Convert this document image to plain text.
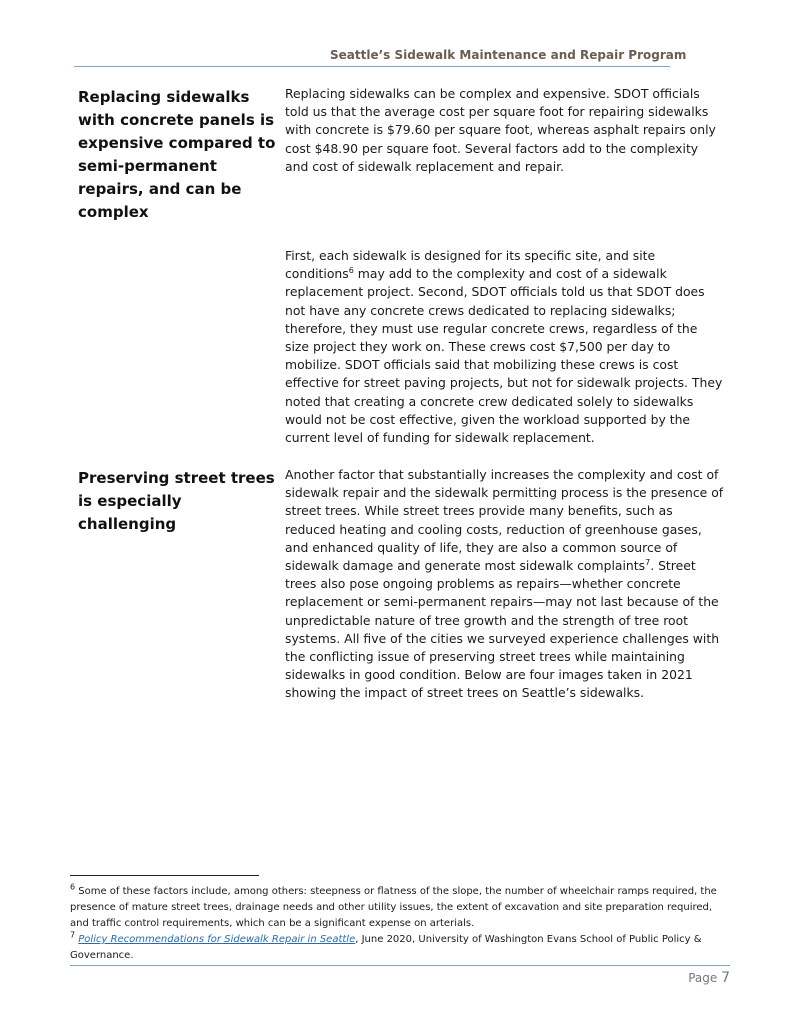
Seattle’s Sidewalk Maintenance and Repair Program
Replacing sidewalks with concrete panels is expensive compared to semi-permanent repairs, and can be complex
Replacing sidewalks can be complex and expensive. SDOT officials told us that the average cost per square foot for repairing sidewalks with concrete is $79.60 per square foot, whereas asphalt repairs only cost $48.90 per square foot. Several factors add to the complexity and cost of sidewalk replacement and repair.
First, each sidewalk is designed for its specific site, and site conditions$^6$ may add to the complexity and cost of a sidewalk replacement project. Second, SDOT officials told us that SDOT does not have any concrete crews dedicated to replacing sidewalks; therefore, they must use regular concrete crews, regardless of the size project they work on. These crews cost $7,500 per day to mobilize. SDOT officials said that mobilizing these crews is cost effective for street paving projects, but not for sidewalk projects. They noted that creating a concrete crew dedicated solely to sidewalks would not be cost effective, given the workload supported by the current level of funding for sidewalk replacement.
Preserving street trees is especially challenging
Another factor that substantially increases the complexity and cost of sidewalk repair and the sidewalk permitting process is the presence of street trees. While street trees provide many benefits, such as reduced heating and cooling costs, reduction of greenhouse gases, and enhanced quality of life, they are also a common source of sidewalk damage and generate most sidewalk complaints$^7$. Street trees also pose ongoing problems as repairs—whether concrete replacement or semi-permanent repairs—may not last because of the unpredictable nature of tree growth and the strength of tree root systems. All five of the cities we surveyed experience challenges with the conflicting issue of preserving street trees while maintaining sidewalks in good condition. Below are four images taken in 2021 showing the impact of street trees on Seattle’s sidewalks.
$^6$ Some of these factors include, among others: steepness or flatness of the slope, the number of wheelchair ramps required, the presence of mature street trees, drainage needs and other utility issues, the extent of excavation and site preparation required, and traffic control requirements, which can be a significant expense on arterials.
$^7$ Policy Recommendations for Sidewalk Repair in Seattle, June 2020, University of Washington Evans School of Public Policy & Governance.
Page 7
